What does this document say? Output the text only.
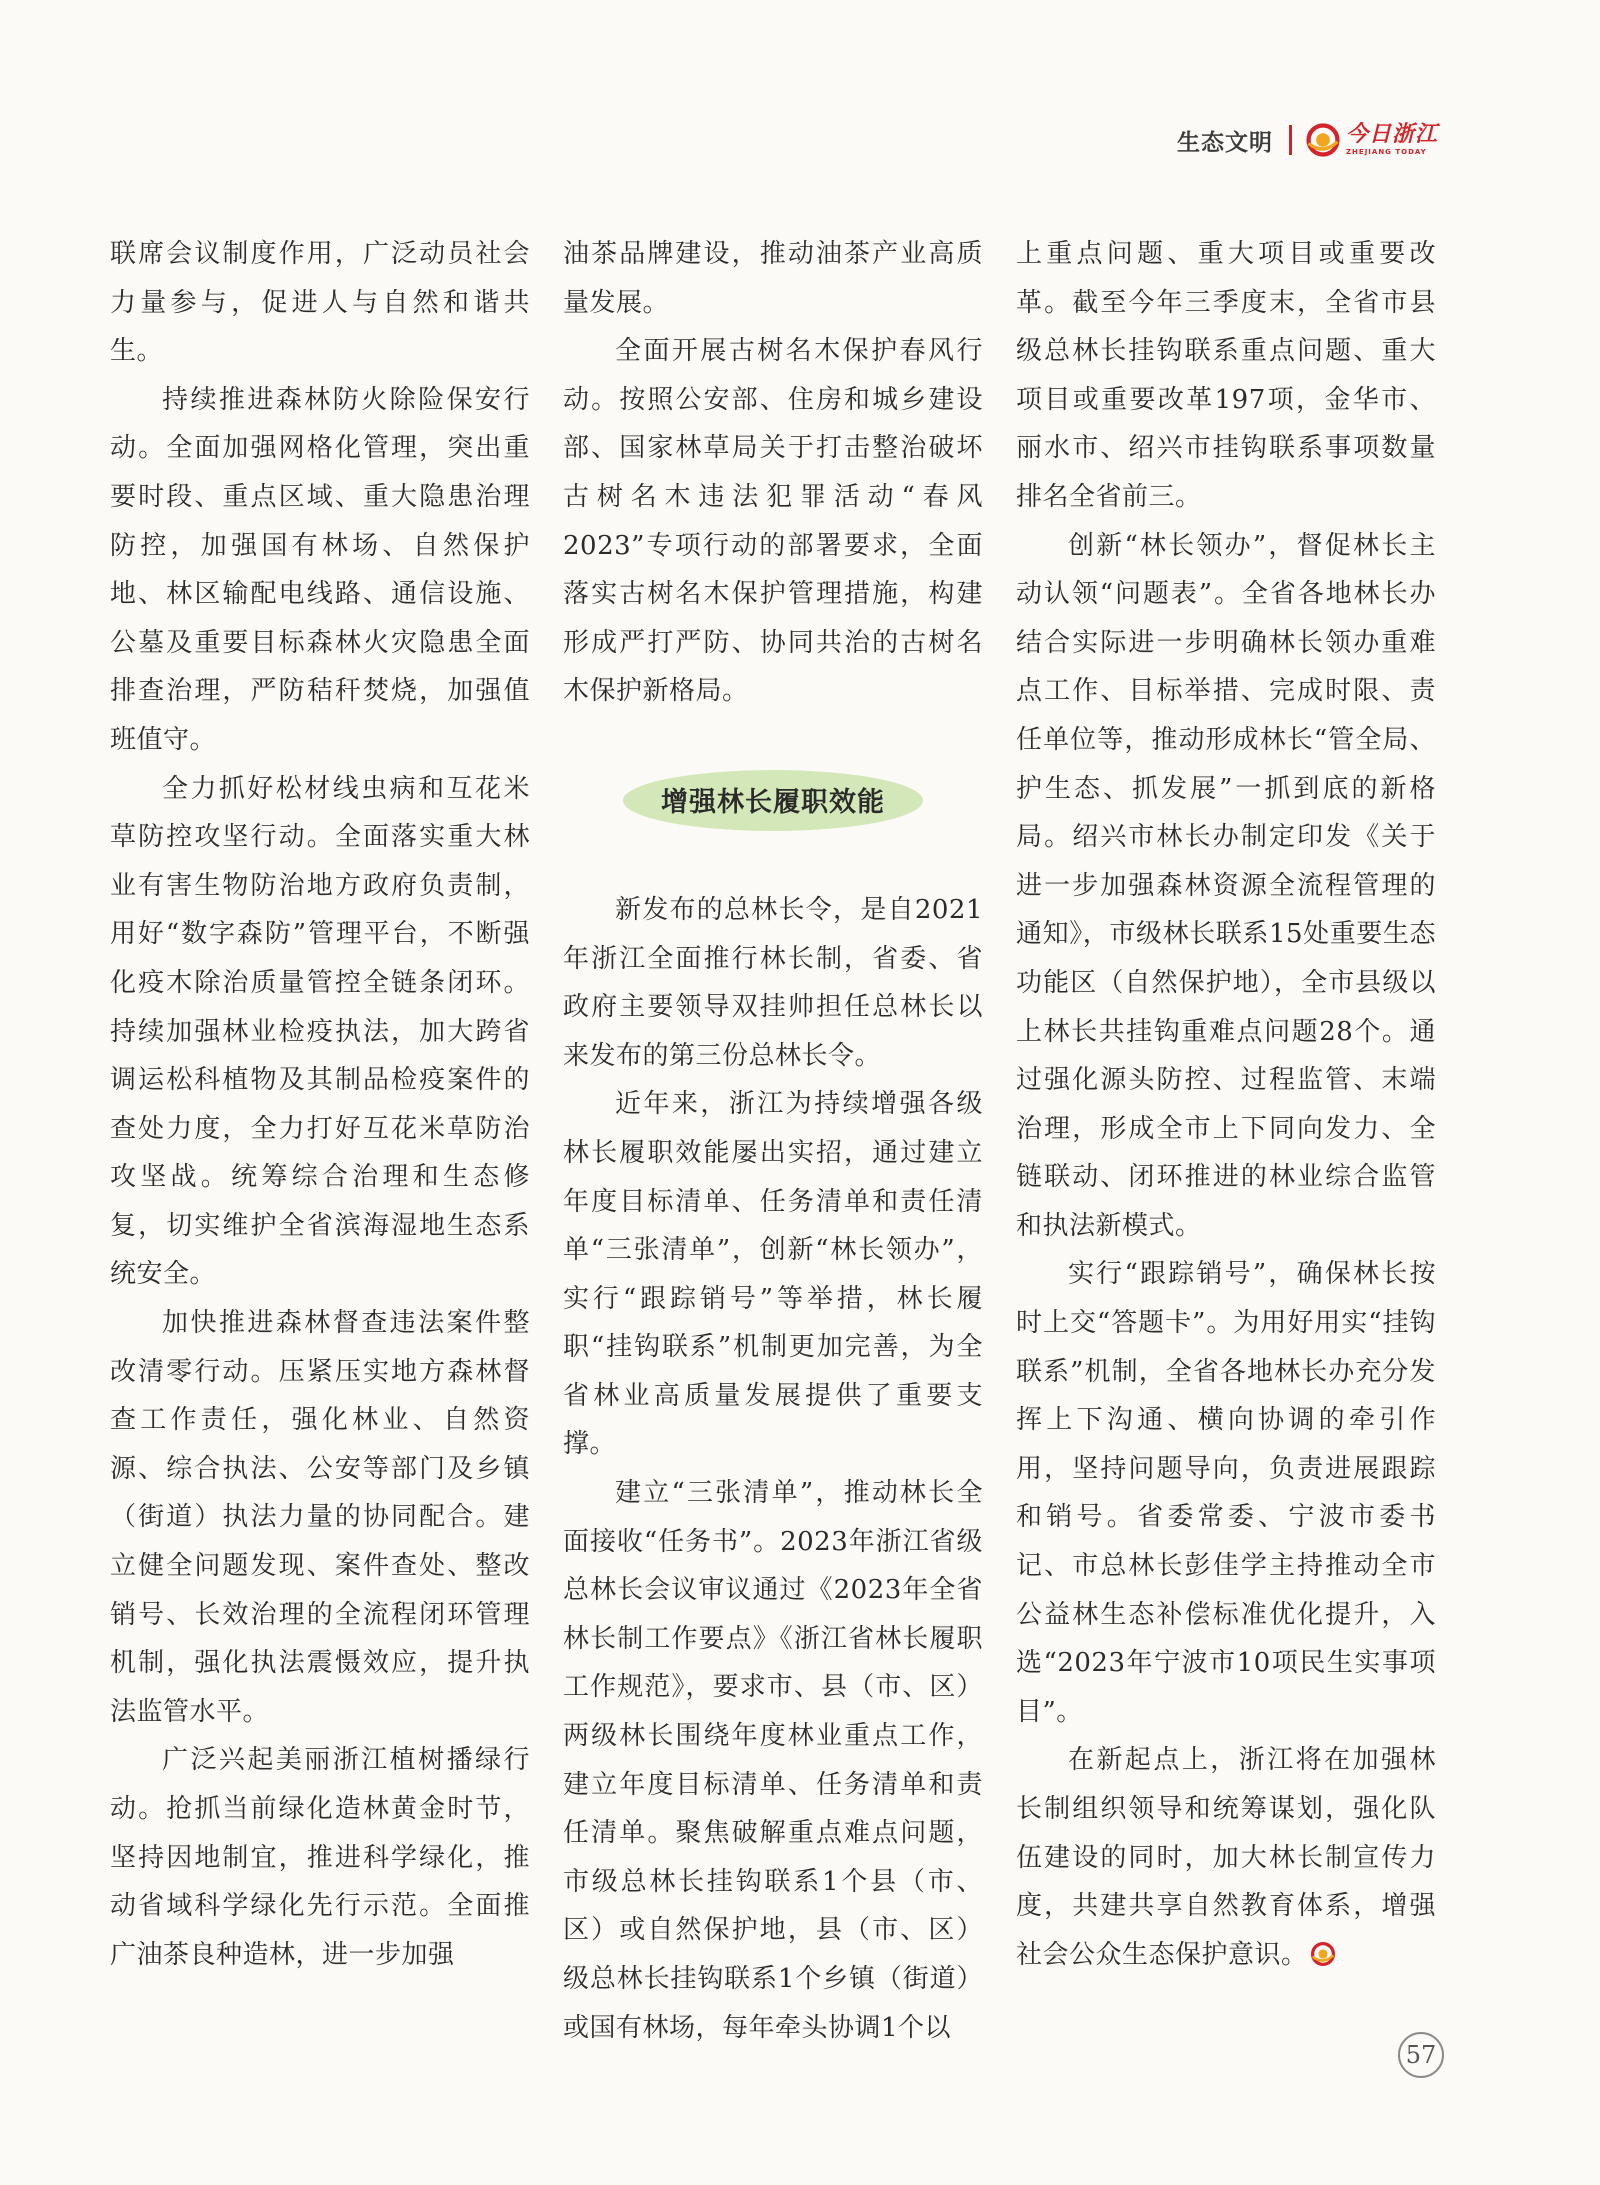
生态文明	今日浙江
ZHEJIANG TODAY

联席会议制度作用，广泛动员社会力量参与，促进人与自然和谐共生。

持续推进森林防火除险保安行动。全面加强网格化管理，突出重要时段、重点区域、重大隐患治理防控，加强国有林场、自然保护地、林区输配电线路、通信设施、公墓及重要目标森林火灾隐患全面排查治理，严防秸秆焚烧，加强值班值守。

全力抓好松材线虫病和互花米草防控攻坚行动。全面落实重大林业有害生物防治地方政府负责制，用好“数字森防”管理平台，不断强化疫木除治质量管控全链条闭环。持续加强林业检疫执法，加大跨省调运松科植物及其制品检疫案件的查处力度，全力打好互花米草防治攻坚战。统筹综合治理和生态修复，切实维护全省滨海湿地生态系统安全。

加快推进森林督查违法案件整改清零行动。压紧压实地方森林督查工作责任，强化林业、自然资源、综合执法、公安等部门及乡镇（街道）执法力量的协同配合。建立健全问题发现、案件查处、整改销号、长效治理的全流程闭环管理机制，强化执法震慑效应，提升执法监管水平。

广泛兴起美丽浙江植树播绿行动。抢抓当前绿化造林黄金时节，坚持因地制宜，推进科学绿化，推动省域科学绿化先行示范。全面推广油茶良种造林，进一步加强

油茶品牌建设，推动油茶产业高质量发展。

全面开展古树名木保护春风行动。按照公安部、住房和城乡建设部、国家林草局关于打击整治破坏古树名木违法犯罪活动“春风2023”专项行动的部署要求，全面落实古树名木保护管理措施，构建形成严打严防、协同共治的古树名木保护新格局。

增强林长履职效能

新发布的总林长令，是自2021年浙江全面推行林长制，省委、省政府主要领导双挂帅担任总林长以来发布的第三份总林长令。

近年来，浙江为持续增强各级林长履职效能屡出实招，通过建立年度目标清单、任务清单和责任清单“三张清单”，创新“林长领办”，实行“跟踪销号”等举措，林长履职“挂钩联系”机制更加完善，为全省林业高质量发展提供了重要支撑。

建立“三张清单”，推动林长全面接收“任务书”。2023年浙江省级总林长会议审议通过《2023年全省林长制工作要点》《浙江省林长履职工作规范》，要求市、县（市、区）两级林长围绕年度林业重点工作，建立年度目标清单、任务清单和责任清单。聚焦破解重点难点问题，市级总林长挂钩联系1个县（市、区）或自然保护地，县（市、区）级总林长挂钩联系1个乡镇（街道）或国有林场，每年牵头协调1个以

上重点问题、重大项目或重要改革。截至今年三季度末，全省市县级总林长挂钩联系重点问题、重大项目或重要改革197项，金华市、丽水市、绍兴市挂钩联系事项数量排名全省前三。

创新“林长领办”，督促林长主动认领“问题表”。全省各地林长办结合实际进一步明确林长领办重难点工作、目标举措、完成时限、责任单位等，推动形成林长“管全局、护生态、抓发展”一抓到底的新格局。绍兴市林长办制定印发《关于进一步加强森林资源全流程管理的通知》，市级林长联系15处重要生态功能区（自然保护地），全市县级以上林长共挂钩重难点问题28个。通过强化源头防控、过程监管、末端治理，形成全市上下同向发力、全链联动、闭环推进的林业综合监管和执法新模式。

实行“跟踪销号”，确保林长按时上交“答题卡”。为用好用实“挂钩联系”机制，全省各地林长办充分发挥上下沟通、横向协调的牵引作用，坚持问题导向，负责进展跟踪和销号。省委常委、宁波市委书记、市总林长彭佳学主持推动全市公益林生态补偿标准优化提升，入选“2023年宁波市10项民生实事项目”。

在新起点上，浙江将在加强林长制组织领导和统筹谋划，强化队伍建设的同时，加大林长制宣传力度，共建共享自然教育体系，增强社会公众生态保护意识。

57
